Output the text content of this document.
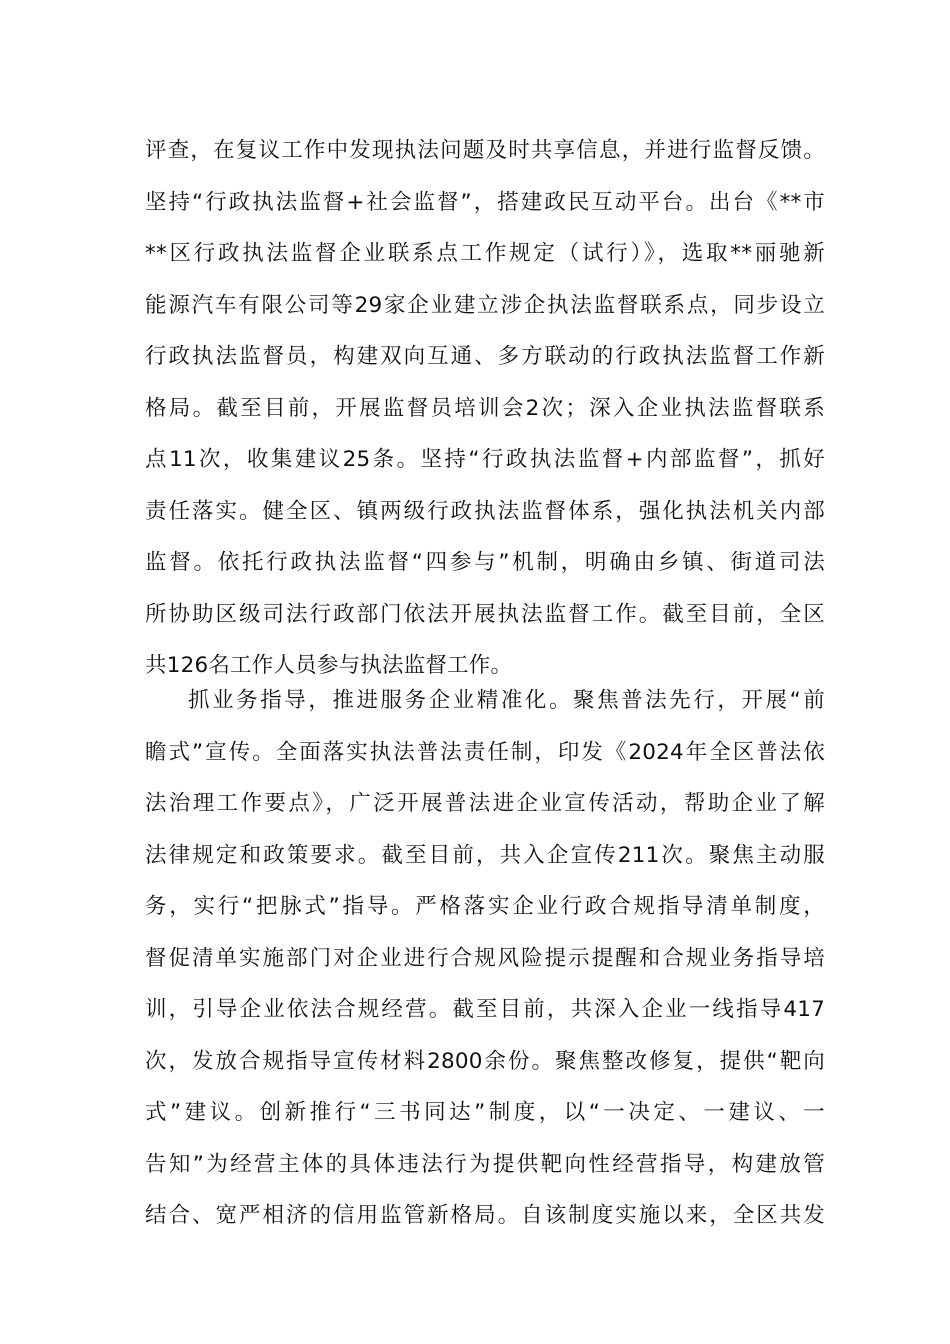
评查，在复议工作中发现执法问题及时共享信息，并进行监督反馈。
坚持“行政执法监督+社会监督”，搭建政民互动平台。出台《**市
**区行政执法监督企业联系点工作规定（试行）》，选取**丽驰新
能源汽车有限公司等29家企业建立涉企执法监督联系点，同步设立
行政执法监督员，构建双向互通、多方联动的行政执法监督工作新
格局。截至目前，开展监督员培训会2次；深入企业执法监督联系
点11次，收集建议25条。坚持“行政执法监督+内部监督”，抓好
责任落实。健全区、镇两级行政执法监督体系，强化执法机关内部
监督。依托行政执法监督“四参与”机制，明确由乡镇、街道司法
所协助区级司法行政部门依法开展执法监督工作。截至目前，全区
共126名工作人员参与执法监督工作。
抓业务指导，推进服务企业精准化。聚焦普法先行，开展“前
瞻式”宣传。全面落实执法普法责任制，印发《2024年全区普法依
法治理工作要点》，广泛开展普法进企业宣传活动，帮助企业了解
法律规定和政策要求。截至目前，共入企宣传211次。聚焦主动服
务，实行“把脉式”指导。严格落实企业行政合规指导清单制度，
督促清单实施部门对企业进行合规风险提示提醒和合规业务指导培
训，引导企业依法合规经营。截至目前，共深入企业一线指导417
次，发放合规指导宣传材料2800余份。聚焦整改修复，提供“靶向
式”建议。创新推行“三书同达”制度，以“一决定、一建议、一
告知”为经营主体的具体违法行为提供靶向性经营指导，构建放管
结合、宽严相济的信用监管新格局。自该制度实施以来，全区共发
